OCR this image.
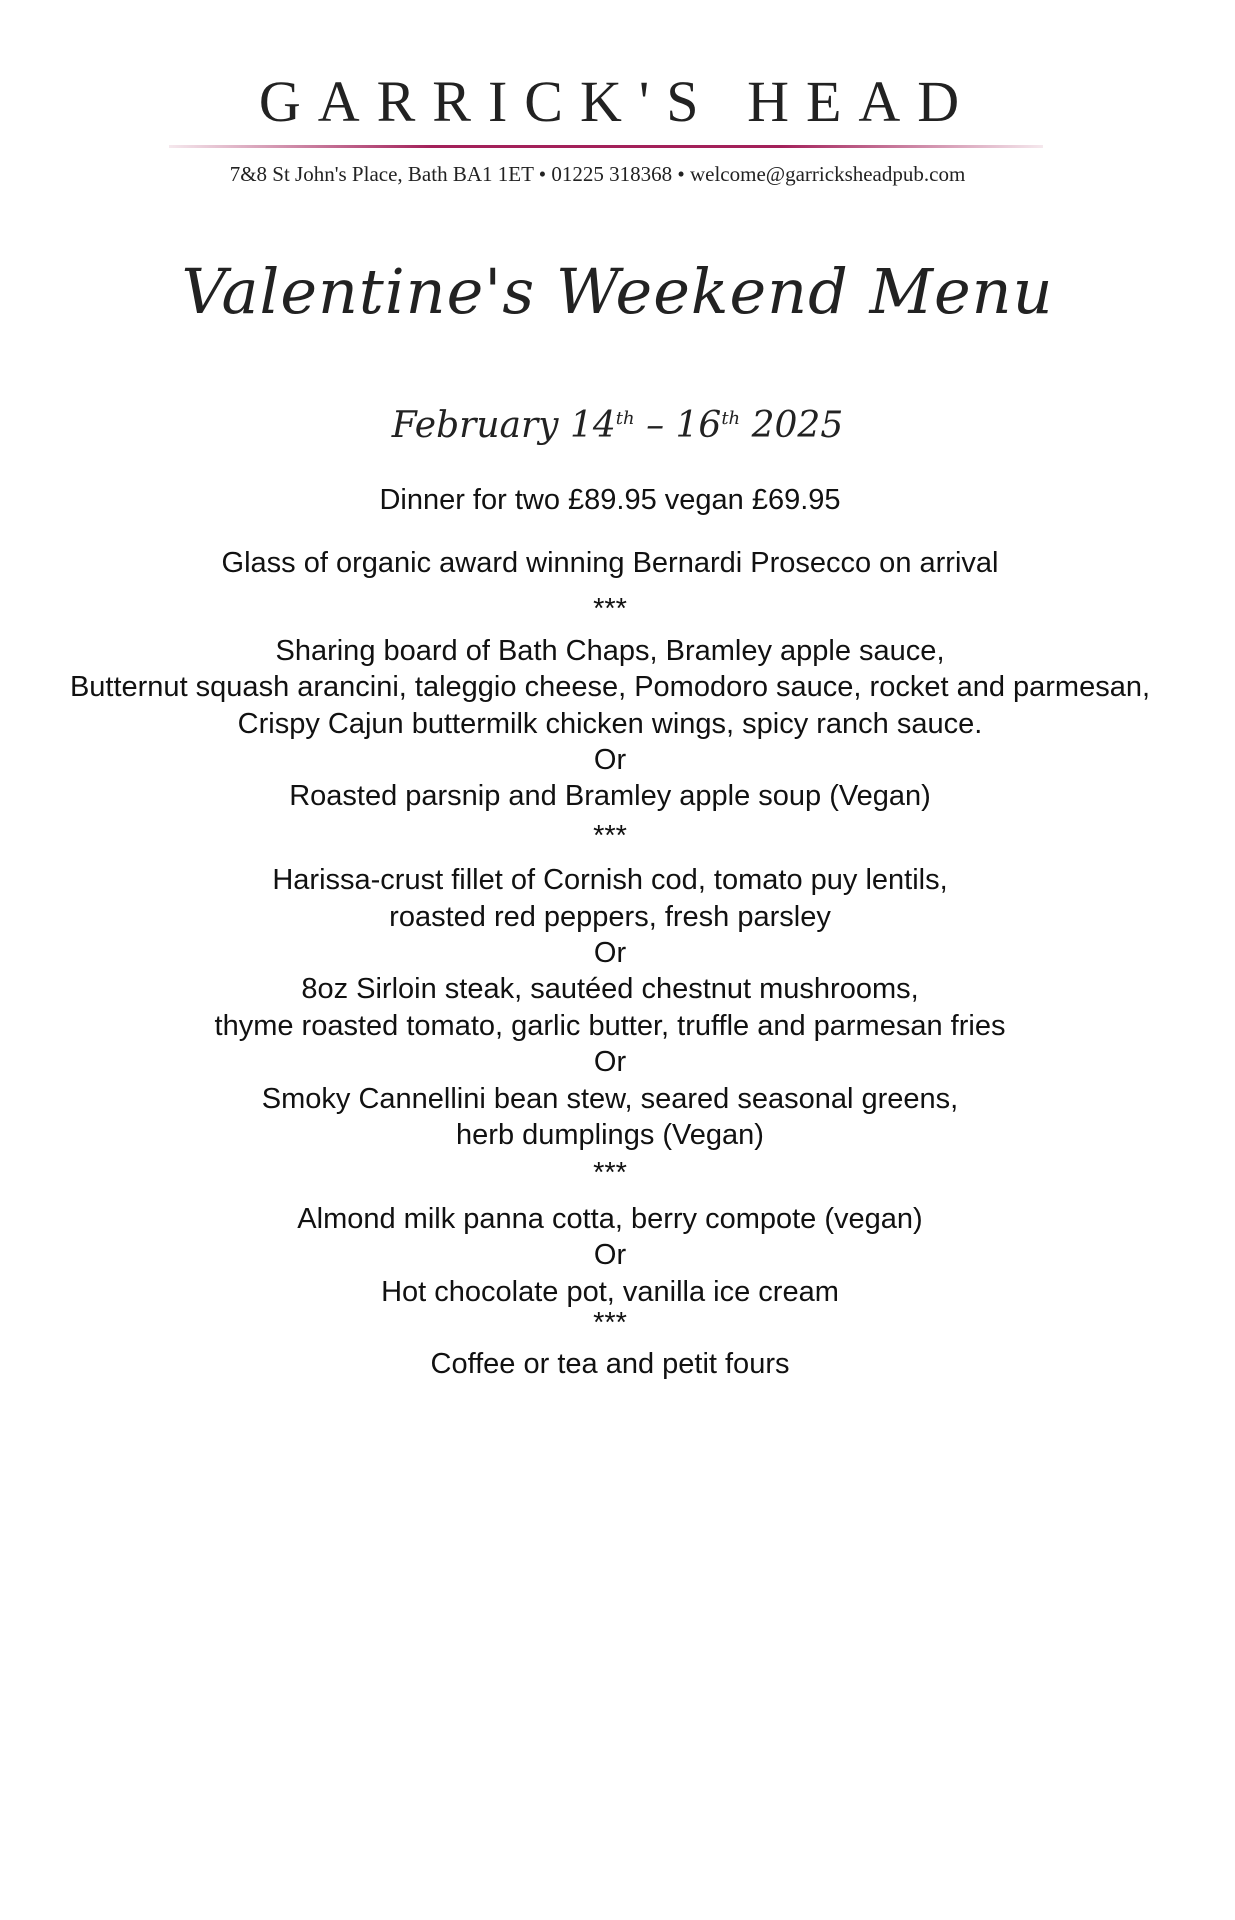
GARRICK'S HEAD
7&8 St John's Place, Bath BA1 1ET • 01225 318368 • welcome@garricksheadpub.com
Valentine's Weekend Menu
February 14th – 16th 2025
Dinner for two £89.95 vegan £69.95
Glass of organic award winning Bernardi Prosecco on arrival
***
Sharing board of Bath Chaps, Bramley apple sauce,
Butternut squash arancini, taleggio cheese, Pomodoro sauce, rocket and parmesan,
Crispy Cajun buttermilk chicken wings, spicy ranch sauce.
Or
Roasted parsnip and Bramley apple soup (Vegan)
***
Harissa-crust fillet of Cornish cod, tomato puy lentils,
roasted red peppers, fresh parsley
Or
8oz Sirloin steak, sautéed chestnut mushrooms,
thyme roasted tomato, garlic butter, truffle and parmesan fries
Or
Smoky Cannellini bean stew, seared seasonal greens,
herb dumplings (Vegan)
***
Almond milk panna cotta, berry compote (vegan)
Or
Hot chocolate pot, vanilla ice cream
***
Coffee or tea and petit fours
